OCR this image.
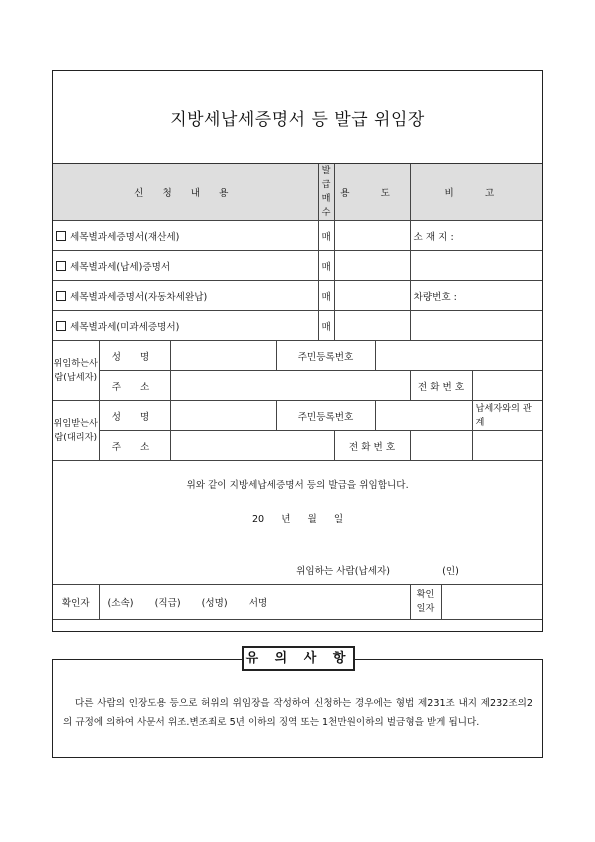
지방세납세증명서 등 발급 위임장
신 청 내 용				발급 매수	용 도		비 고		
세목별과세증명서(재산세)				매			소 재 지 :		
세목별과세(납세)증명서				매					
세목별과세증명서(자동차세완납)				매			차량번호 :		
세목별과세(미과세증명서)				매					
위임하는사람(납세자)	성 명		주민등록번호						
	주 소						전 화 번 호		
위임받는사람(대리자)	성 명		주민등록번호						납세자와의 관 계
	주 소				전 화 번 호				

위와 같이 지방세납세증명서 등의 발급을 위임합니다.
20 년 월 일
위임하는 사람(납세자) (인)									

확인자	(소속) (직급) (성명) 서명						확인 일자		
유 의 사 항
다른 사람의 인장도용 등으로 허위의 위임장을 작성하여 신청하는 경우에는 형법 제231조 내지 제232조의2의 규정에 의하여 사문서 위조.변조죄로 5년 이하의 징역 또는 1천만원이하의 벌금형을 받게 됩니다.
